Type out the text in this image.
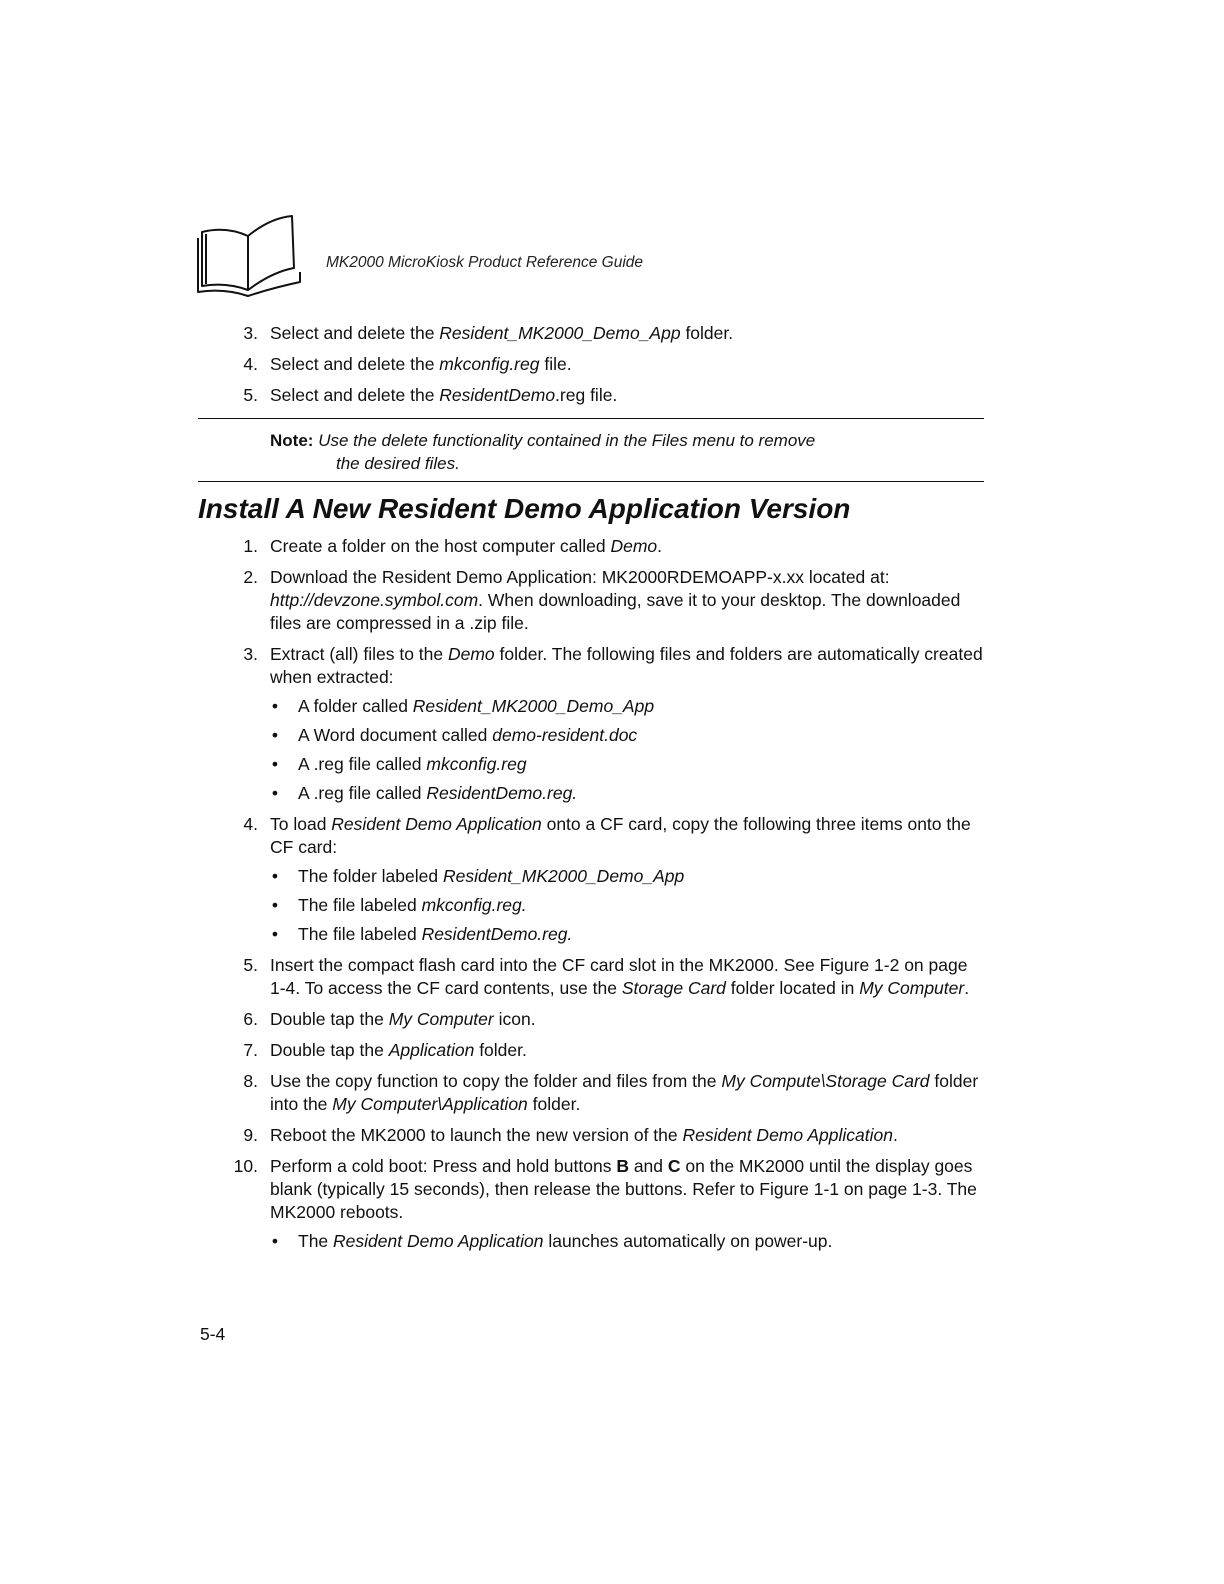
MK2000 MicroKiosk Product Reference Guide
3. Select and delete the Resident_MK2000_Demo_App folder.
4. Select and delete the mkconfig.reg file.
5. Select and delete the ResidentDemo.reg file.
Note: Use the delete functionality contained in the Files menu to remove
the desired files.
Install A New Resident Demo Application Version
1. Create a folder on the host computer called Demo.
2. Download the Resident Demo Application: MK2000RDEMOAPP-x.xx located at: http://devzone.symbol.com. When downloading, save it to your desktop. The downloaded files are compressed in a .zip file.
3. Extract (all) files to the Demo folder. The following files and folders are automatically created when extracted:
• A folder called Resident_MK2000_Demo_App
• A Word document called demo-resident.doc
• A .reg file called mkconfig.reg
• A .reg file called ResidentDemo.reg.
4. To load Resident Demo Application onto a CF card, copy the following three items onto the CF card:
• The folder labeled Resident_MK2000_Demo_App
• The file labeled mkconfig.reg.
• The file labeled ResidentDemo.reg.
5. Insert the compact flash card into the CF card slot in the MK2000. See Figure 1-2 on page 1-4. To access the CF card contents, use the Storage Card folder located in My Computer.
6. Double tap the My Computer icon.
7. Double tap the Application folder.
8. Use the copy function to copy the folder and files from the My Compute\Storage Card folder into the My Computer\Application folder.
9. Reboot the MK2000 to launch the new version of the Resident Demo Application.
10. Perform a cold boot: Press and hold buttons B and C on the MK2000 until the display goes blank (typically 15 seconds), then release the buttons. Refer to Figure 1-1 on page 1-3. The MK2000 reboots.
• The Resident Demo Application launches automatically on power-up.
5-4
